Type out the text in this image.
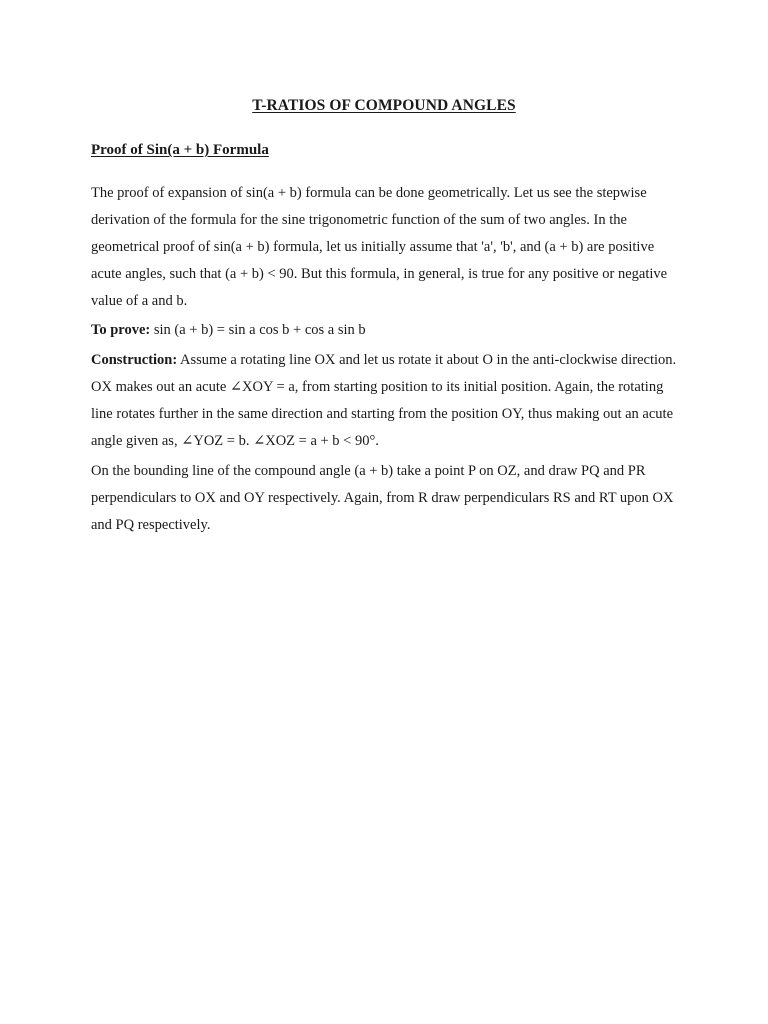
T-RATIOS OF COMPOUND ANGLES
Proof of Sin(a + b) Formula

The proof of expansion of sin(a + b) formula can be done geometrically. Let us see the stepwise derivation of the formula for the sine trigonometric function of the sum of two angles. In the geometrical proof of sin(a + b) formula, let us initially assume that 'a', 'b', and (a + b) are positive acute angles, such that (a + b) < 90. But this formula, in general, is true for any positive or negative value of a and b.

To prove: sin (a + b) = sin a cos b + cos a sin b

Construction: Assume a rotating line OX and let us rotate it about O in the anti-clockwise direction. OX makes out an acute ∠XOY = a, from starting position to its initial position. Again, the rotating line rotates further in the same direction and starting from the position OY, thus making out an acute angle given as, ∠YOZ = b. ∠XOZ = a + b < 90°.

On the bounding line of the compound angle (a + b) take a point P on OZ, and draw PQ and PR perpendiculars to OX and OY respectively. Again, from R draw perpendiculars RS and RT upon OX and PQ respectively.
